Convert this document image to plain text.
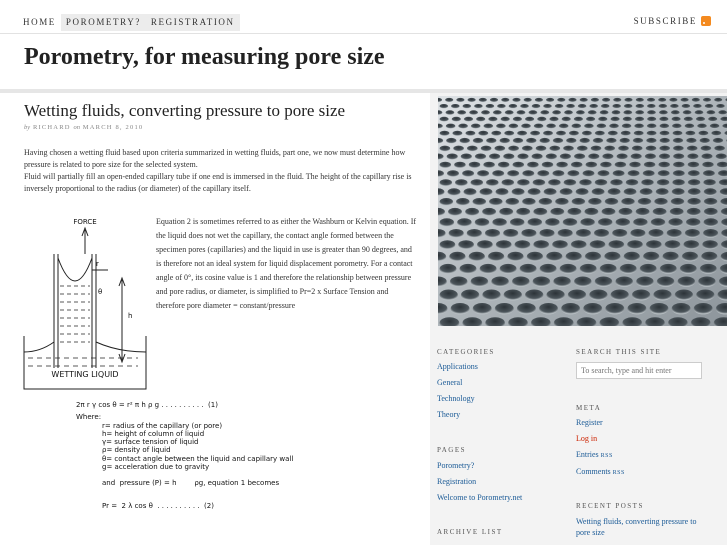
HOME	POROMETRY?	REGISTRATION	SUBSCRIBE
Porometry, for measuring pore size
Wetting fluids, converting pressure to pore size
by RICHARD on MARCH 8, 2010

Having chosen a wetting fluid based upon criteria summarized in wetting fluids, part one, we now must determine how pressure is related to pore size for the selected system.

Fluid will partially fill an open-ended capillary tube if one end is immersed in the fluid. The height of the capillary rise is inversely proportional to the radius (or diameter) of the capillary itself.

FORCE
r
θ
h
WETTING LIQUID
Equation 2 is sometimes referred to as either the Washburn or Kelvin equation. If the liquid does not wet the capillary, the contact angle formed between the specimen pores (capillaries) and the liquid in use is greater than 90 degrees, and is therefore not an ideal system for liquid displacement porometry. For a contact angle of 0°, its cosine value is 1 and therefore the relationship between pressure and pore radius, or diameter, is simplified to Pr=2 x Surface Tension and therefore pore diameter = constant/pressure
2π r γ cos θ = r² π h ρ g . . . . . . . . . .  (1)
Where:
r= radius of the capillary (or pore)
h= height of column of liquid
γ= surface tension of liquid
ρ= density of liquid
θ= contact angle between the liquid and capillary wall
g= acceleration due to gravity
and  pressure (P) = h        ρg, equation 1 becomes
Pr =  2 λ cos θ  . . . . . . . . . .  (2)
CATEGORIES
Applications
General
Technology
Theory
PAGES
Porometry?
Registration
Welcome to Porometry.net
ARCHIVE LIST
SEARCH THIS SITE
To search, type and hit enter
META
Register
Log in
Entries RSS
Comments RSS
RECENT POSTS
Wetting fluids, converting pressure to pore size
